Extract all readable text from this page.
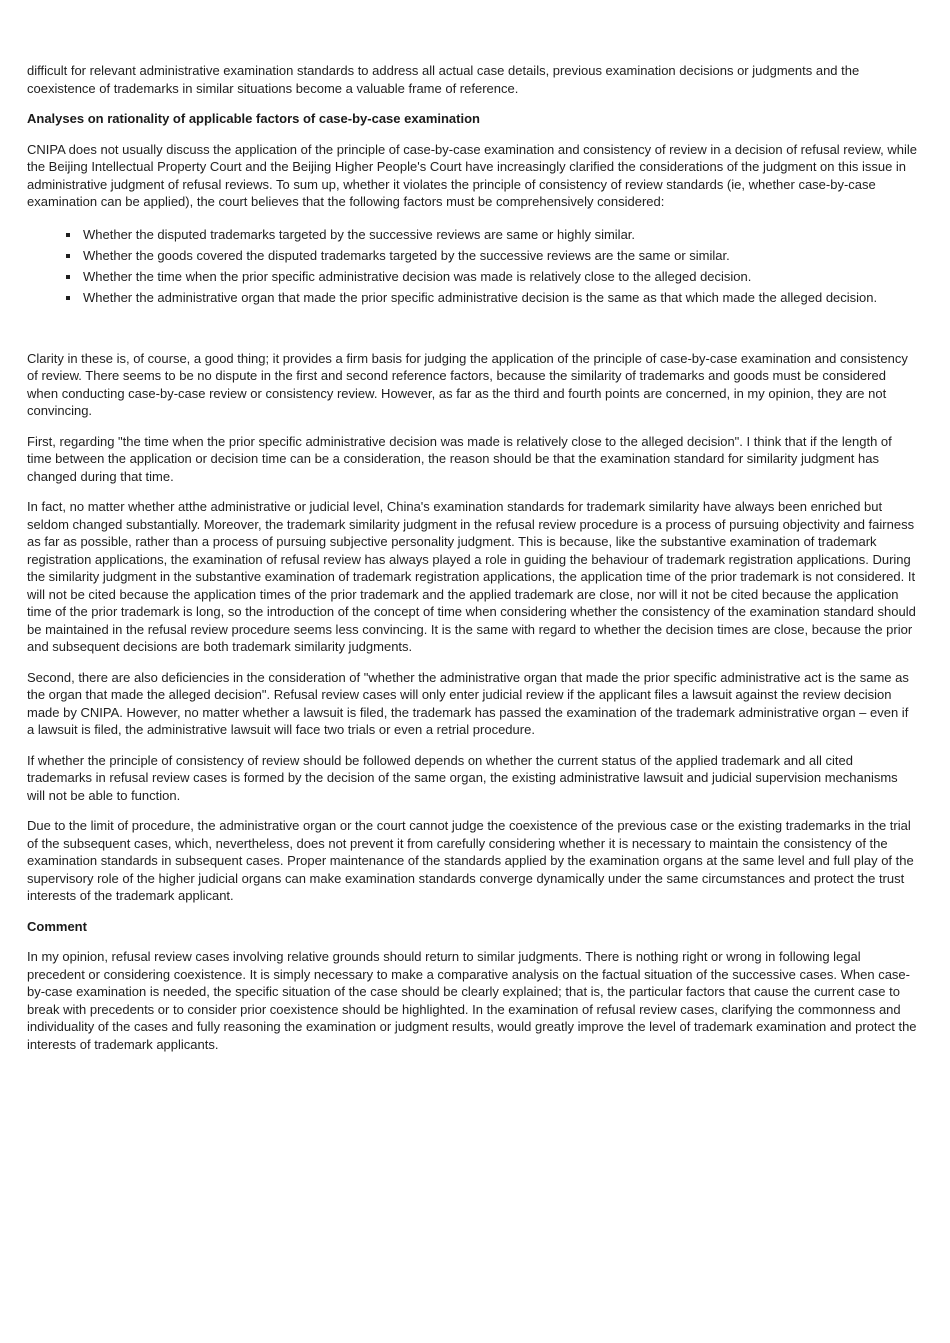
difficult for relevant administrative examination standards to address all actual case details, previous examination decisions or judgments and the coexistence of trademarks in similar situations become a valuable frame of reference.

Analyses on rationality of applicable factors of case-by-case examination

CNIPA does not usually discuss the application of the principle of case-by-case examination and consistency of review in a decision of refusal review, while the Beijing Intellectual Property Court and the Beijing Higher People's Court have increasingly clarified the considerations of the judgment on this issue in administrative judgment of refusal reviews. To sum up, whether it violates the principle of consistency of review standards (ie, whether case-by-case examination can be applied), the court believes that the following factors must be comprehensively considered:

▪ Whether the disputed trademarks targeted by the successive reviews are same or highly similar.
▪ Whether the goods covered the disputed trademarks targeted by the successive reviews are the same or similar.
▪ Whether the time when the prior specific administrative decision was made is relatively close to the alleged decision.
▪ Whether the administrative organ that made the prior specific administrative decision is the same as that which made the alleged decision.

Clarity in these is, of course, a good thing; it provides a firm basis for judging the application of the principle of case-by-case examination and consistency of review. There seems to be no dispute in the first and second reference factors, because the similarity of trademarks and goods must be considered when conducting case-by-case review or consistency review. However, as far as the third and fourth points are concerned, in my opinion, they are not convincing.

First, regarding "the time when the prior specific administrative decision was made is relatively close to the alleged decision". I think that if the length of time between the application or decision time can be a consideration, the reason should be that the examination standard for similarity judgment has changed during that time.

In fact, no matter whether atthe administrative or judicial level, China's examination standards for trademark similarity have always been enriched but seldom changed substantially. Moreover, the trademark similarity judgment in the refusal review procedure is a process of pursuing objectivity and fairness as far as possible, rather than a process of pursuing subjective personality judgment. This is because, like the substantive examination of trademark registration applications, the examination of refusal review has always played a role in guiding the behaviour of trademark registration applications. During the similarity judgment in the substantive examination of trademark registration applications, the application time of the prior trademark is not considered. It will not be cited because the application times of the prior trademark and the applied trademark are close, nor will it not be cited because the application time of the prior trademark is long, so the introduction of the concept of time when considering whether the consistency of the examination standard should be maintained in the refusal review procedure seems less convincing. It is the same with regard to whether the decision times are close, because the prior and subsequent decisions are both trademark similarity judgments.

Second, there are also deficiencies in the consideration of "whether the administrative organ that made the prior specific administrative act is the same as the organ that made the alleged decision". Refusal review cases will only enter judicial review if the applicant files a lawsuit against the review decision made by CNIPA. However, no matter whether a lawsuit is filed, the trademark has passed the examination of the trademark administrative organ – even if a lawsuit is filed, the administrative lawsuit will face two trials or even a retrial procedure.

If whether the principle of consistency of review should be followed depends on whether the current status of the applied trademark and all cited trademarks in refusal review cases is formed by the decision of the same organ, the existing administrative lawsuit and judicial supervision mechanisms will not be able to function.

Due to the limit of procedure, the administrative organ or the court cannot judge the coexistence of the previous case or the existing trademarks in the trial of the subsequent cases, which, nevertheless, does not prevent it from carefully considering whether it is necessary to maintain the consistency of the examination standards in subsequent cases. Proper maintenance of the standards applied by the examination organs at the same level and full play of the supervisory role of the higher judicial organs can make examination standards converge dynamically under the same circumstances and protect the trust interests of the trademark applicant.

Comment

In my opinion, refusal review cases involving relative grounds should return to similar judgments. There is nothing right or wrong in following legal precedent or considering coexistence. It is simply necessary to make a comparative analysis on the factual situation of the successive cases. When case-by-case examination is needed, the specific situation of the case should be clearly explained; that is, the particular factors that cause the current case to break with precedents or to consider prior coexistence should be highlighted. In the examination of refusal review cases, clarifying the commonness and individuality of the cases and fully reasoning the examination or judgment results, would greatly improve the level of trademark examination and protect the interests of trademark applicants.
